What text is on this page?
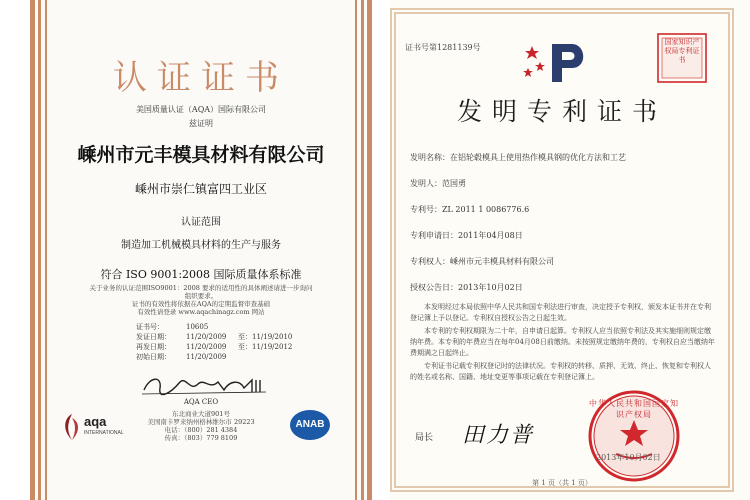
认证证书
美国质量认证（AQA）国际有限公司
兹证明
嵊州市元丰模具材料有限公司
嵊州市崇仁镇富四工业区
认证范围
制造加工机械模具材料的生产与服务
符合 ISO 9001:2008 国际质量体系标准
关于业务的认证范围ISO9001：2008 要求的适用性的具体阐述请进一步询问
组织要求。
证书的有效性将依据在AQA的定期监督审查基础
有效性请登录 www.aqachinagz.com 网站
证书号：	10605
发证日期： 11/20/2009 至：11/19/2010
再发日期： 11/20/2009 至：11/19/2012
初始日期： 11/20/2009
AQA CEO
东北商业大道901号
美国南卡罗来纳州格林维尔市 29223
电话：（800）281 4384
传真：（803）779 8109
aqa
INTERNATIONAL
ANAB
证书号第1281139号
发明专利证书
发明名称：在铝轮毂模具上使用热作模具钢的优化方法和工艺
发明人：范国勇
专利号：ZL 2011 1 0086776.6
专利申请日：2011年04月08日
专利权人：嵊州市元丰模具材料有限公司
授权公告日：2013年10月02日
本发明经过本局依照中华人民共和国专利法进行审查，决定授予专利权，颁发本证书并在专利登记簿上予以登记。专利权自授权公告之日起生效。
本专利的专利权期限为二十年，自申请日起算。专利权人应当依照专利法及其实施细则规定缴纳年费。本专利的年费应当在每年04月08日前缴纳。未按照规定缴纳年费的，专利权自应当缴纳年费期满之日起终止。
专利证书记载专利权登记时的法律状况。专利权的转移、质押、无效、终止、恢复和专利权人的姓名或名称、国籍、地址变更等事项记载在专利登记簿上。
局长 田力普
中华人民共和国国家知识产权局
2013年10月02日
第 1 页（共 1 页）
国家知识产权局专利证书
